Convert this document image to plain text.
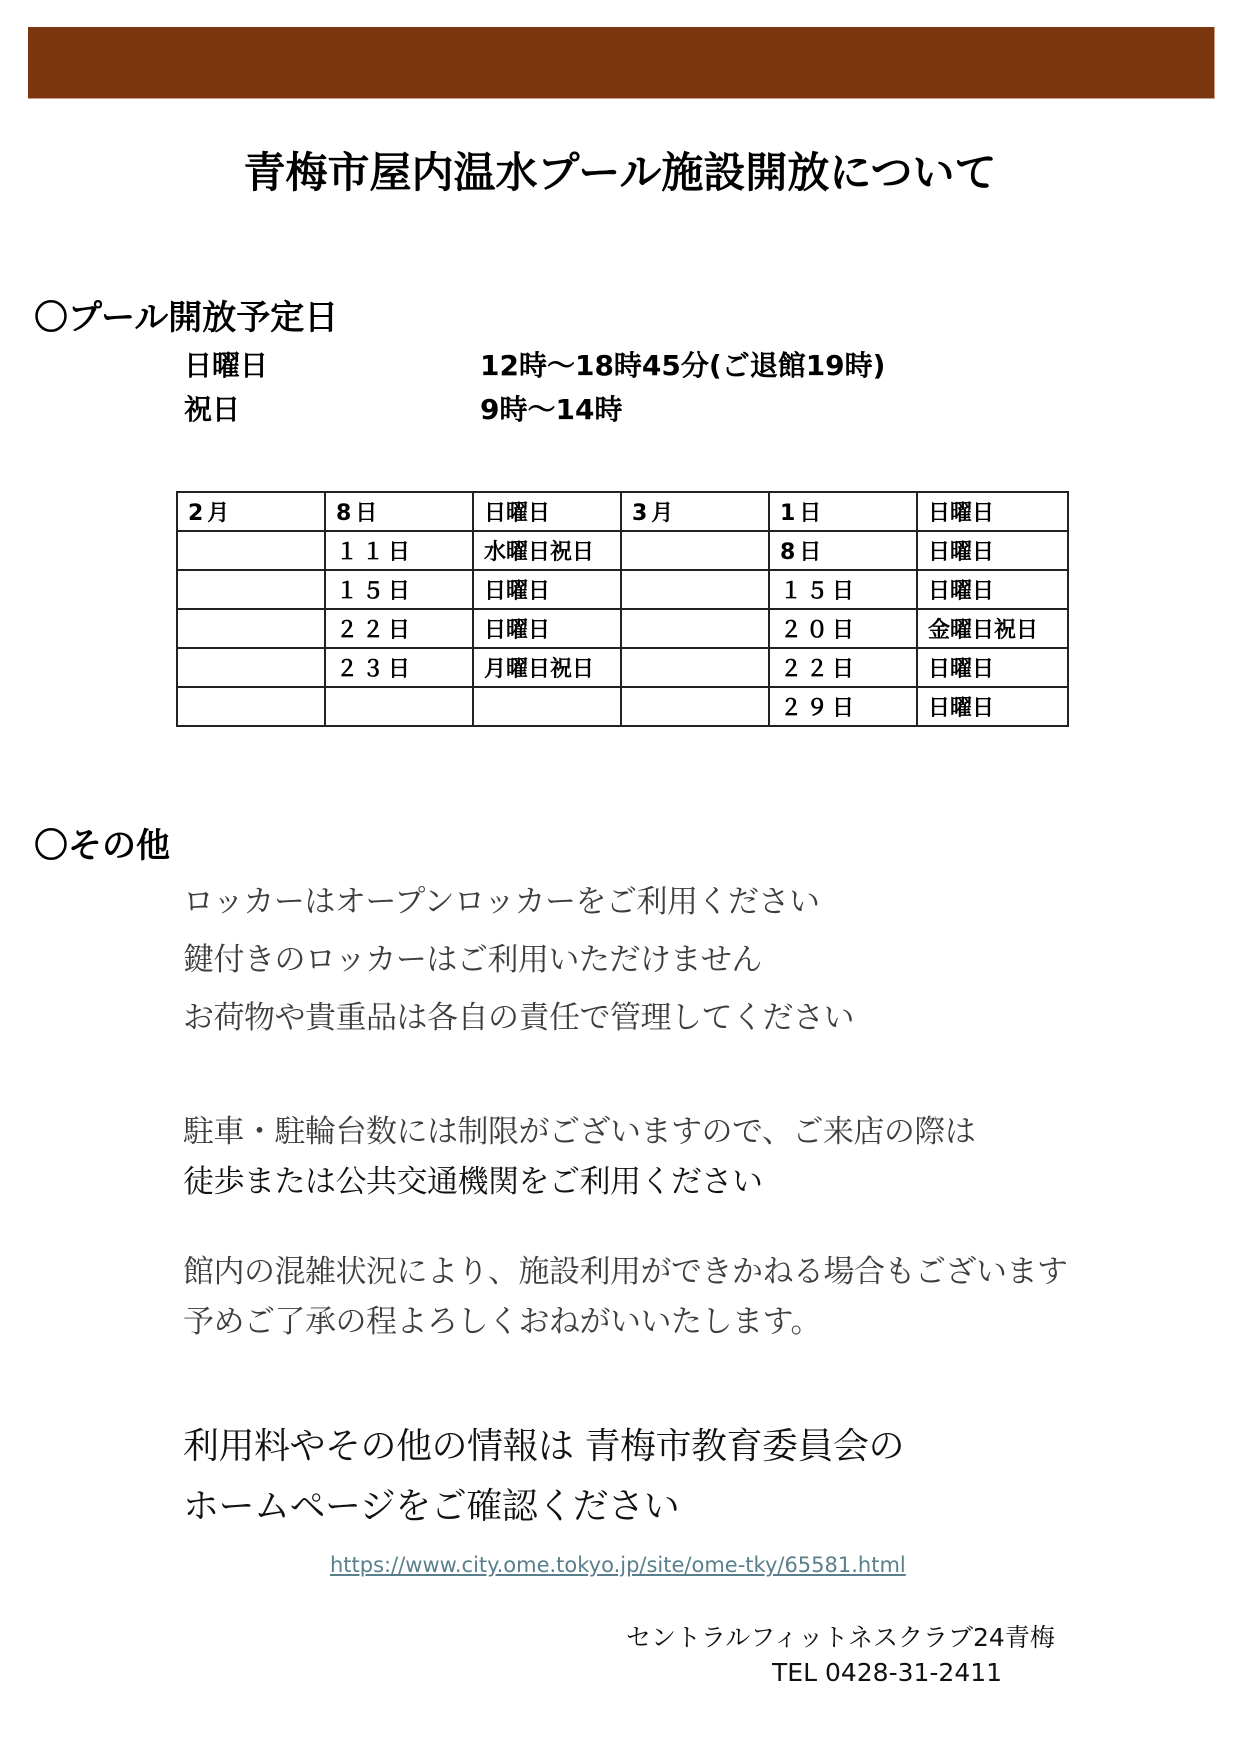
青梅市屋内温水プール施設開放について
〇プール開放予定日
日曜日	12時～18時45分(ご退館19時)
祝日	9時～14時
2月	8日	日曜日	3月	1日	日曜日
	１１日	水曜日祝日		8日	日曜日
	１５日	日曜日		１５日	日曜日
	２２日	日曜日		２０日	金曜日祝日
	２３日	月曜日祝日		２２日	日曜日
				２９日	日曜日
〇その他
ロッカーはオープンロッカーをご利用ください
鍵付きのロッカーはご利用いただけません
お荷物や貴重品は各自の責任で管理してください
駐車・駐輪台数には制限がございますので、ご来店の際は
徒歩または公共交通機関をご利用ください
館内の混雑状況により、施設利用ができかねる場合もございます
予めご了承の程よろしくおねがいいたします。
利用料やその他の情報は 青梅市教育委員会の
ホームページをご確認ください
https://www.city.ome.tokyo.jp/site/ome-tky/65581.html
セントラルフィットネスクラブ24青梅
TEL 0428-31-2411
